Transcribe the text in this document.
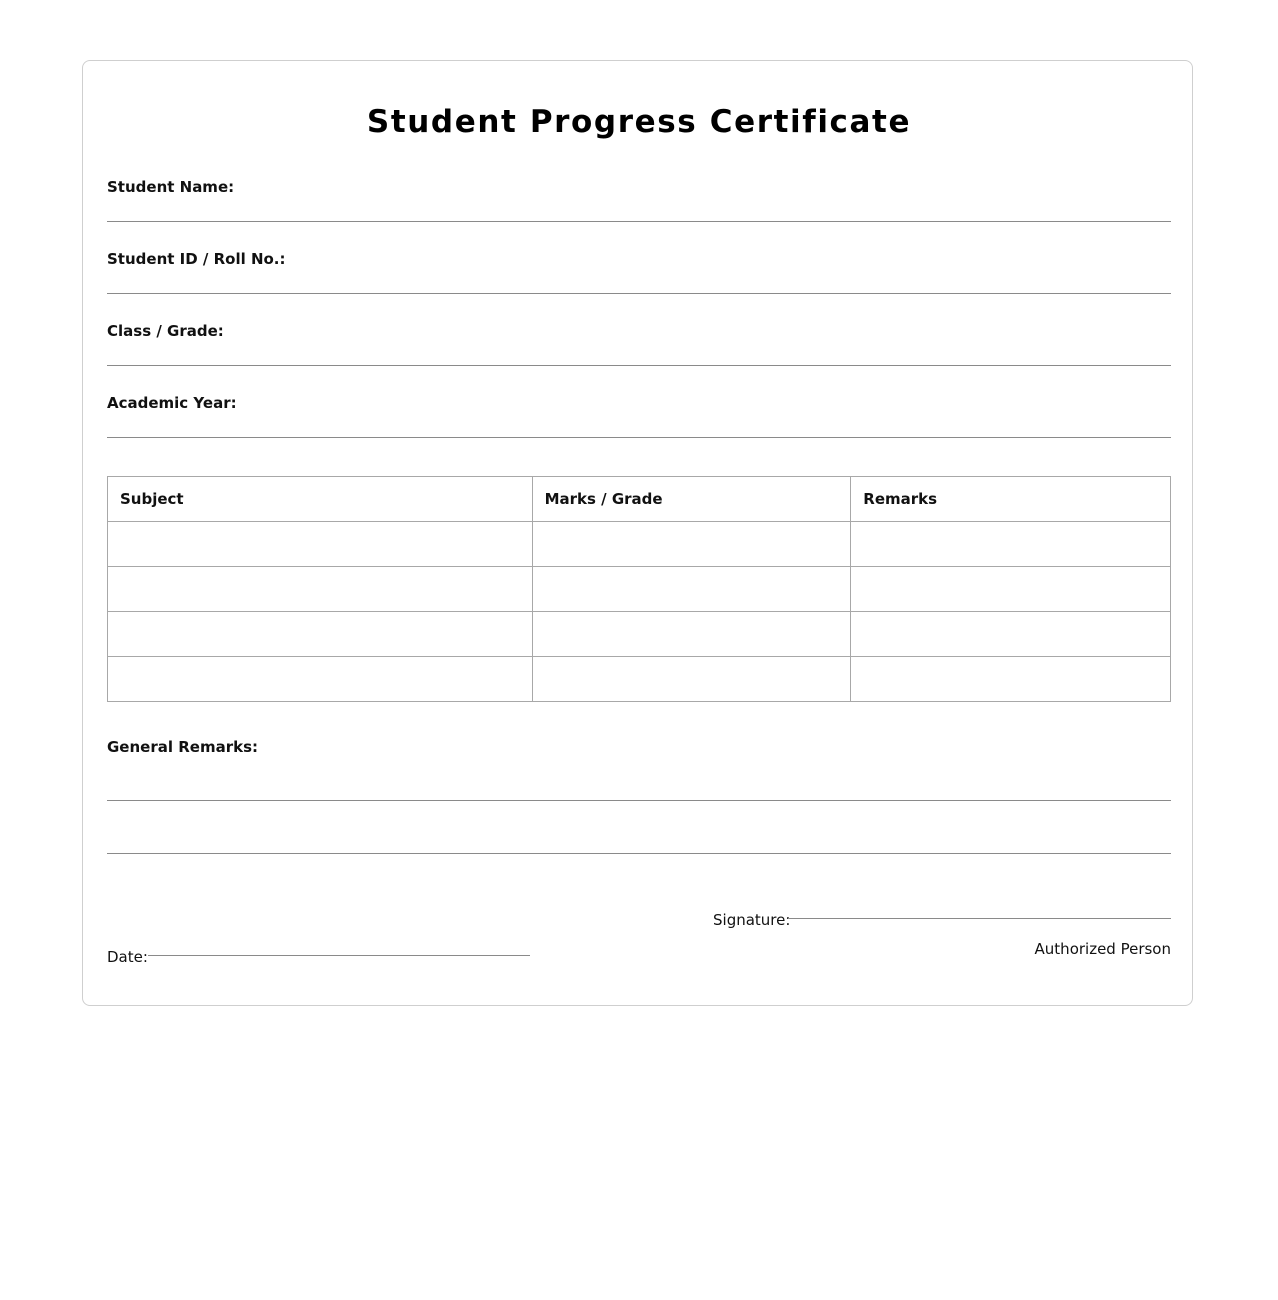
Student Progress Certificate
Student Name:
Student ID / Roll No.:
Class / Grade:
Academic Year:
Subject	Marks / Grade	Remarks

General Remarks:
Signature:
Authorized Person
Date:
